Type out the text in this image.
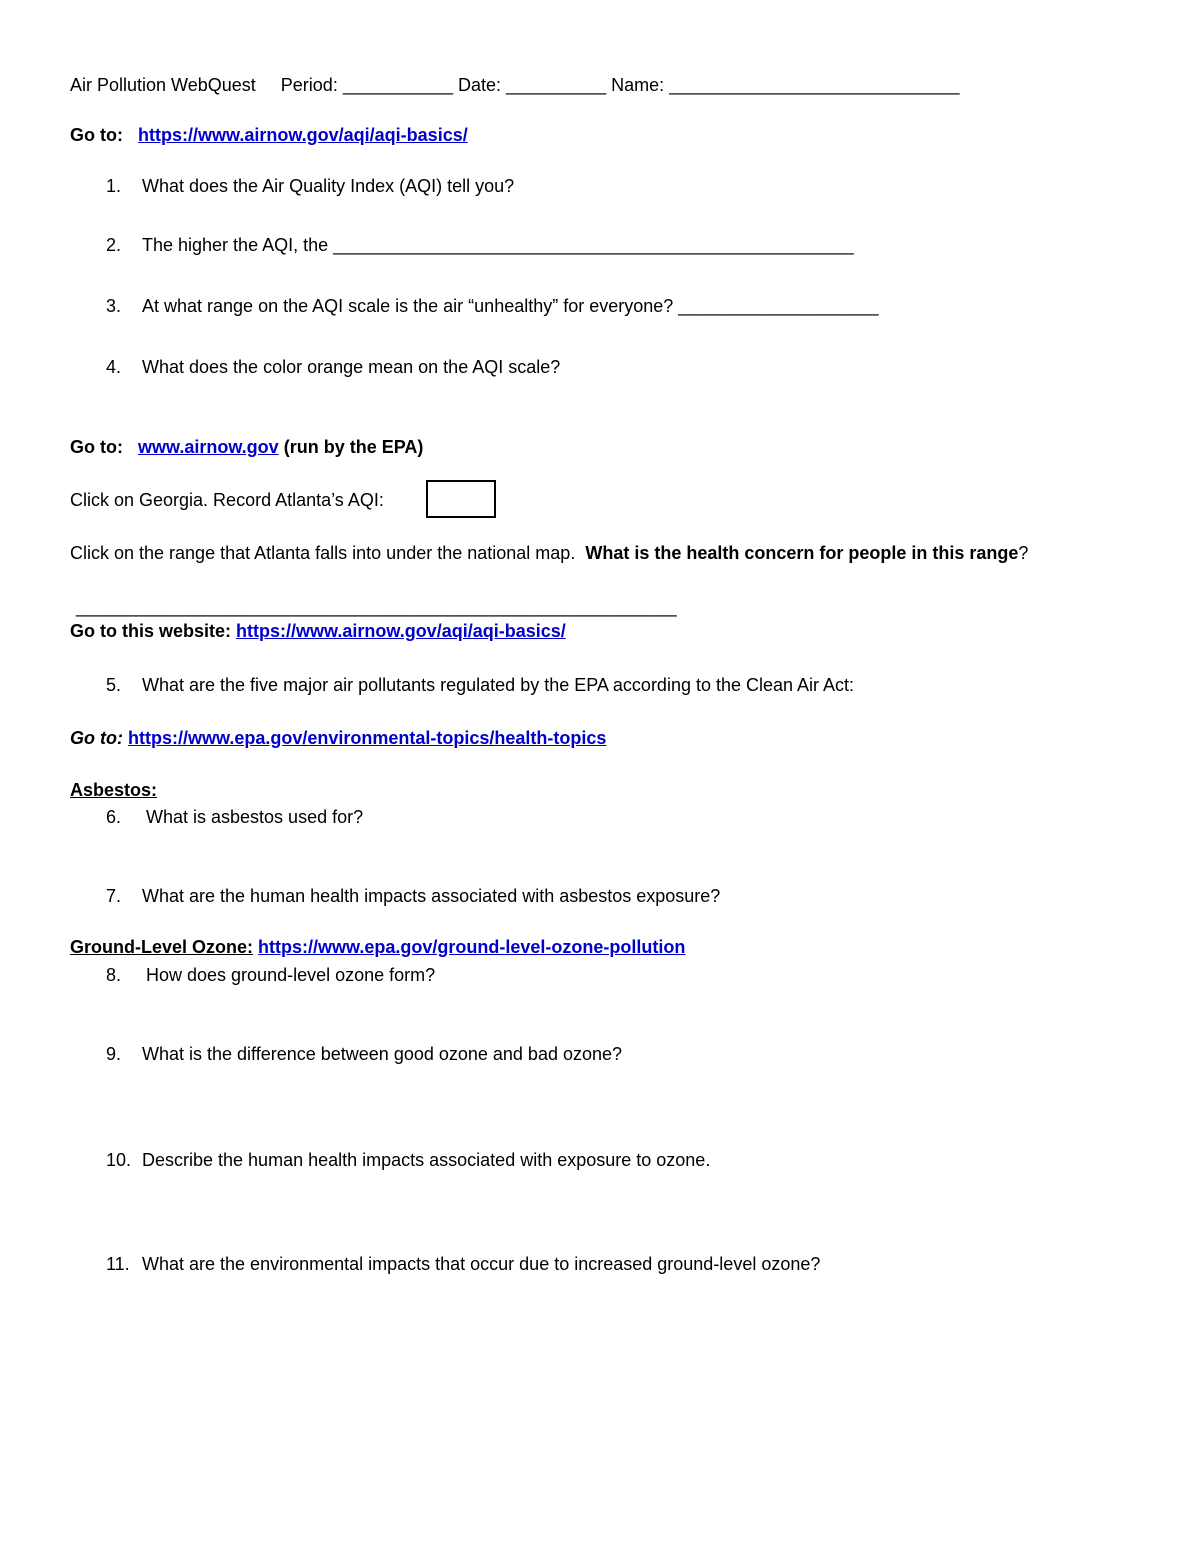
Air Pollution WebQuest Period: ___________ Date: __________ Name: _____________________________
Go to: https://www.airnow.gov/aqi/aqi-basics/
1. What does the Air Quality Index (AQI) tell you?
2. The higher the AQI, the ____________________________________________________
3. At what range on the AQI scale is the air “unhealthy” for everyone? ____________________
4. What does the color orange mean on the AQI scale?
Go to: www.airnow.gov (run by the EPA)
Click on Georgia. Record Atlanta’s AQI:
Click on the range that Atlanta falls into under the national map. What is the health concern for people in this range?
____________________________________________________________
Go to this website: https://www.airnow.gov/aqi/aqi-basics/
5. What are the five major air pollutants regulated by the EPA according to the Clean Air Act:
Go to: https://www.epa.gov/environmental-topics/health-topics
Asbestos:
6. What is asbestos used for?
7. What are the human health impacts associated with asbestos exposure?
Ground-Level Ozone: https://www.epa.gov/ground-level-ozone-pollution
8. How does ground-level ozone form?
9. What is the difference between good ozone and bad ozone?
10. Describe the human health impacts associated with exposure to ozone.
11. What are the environmental impacts that occur due to increased ground-level ozone?
